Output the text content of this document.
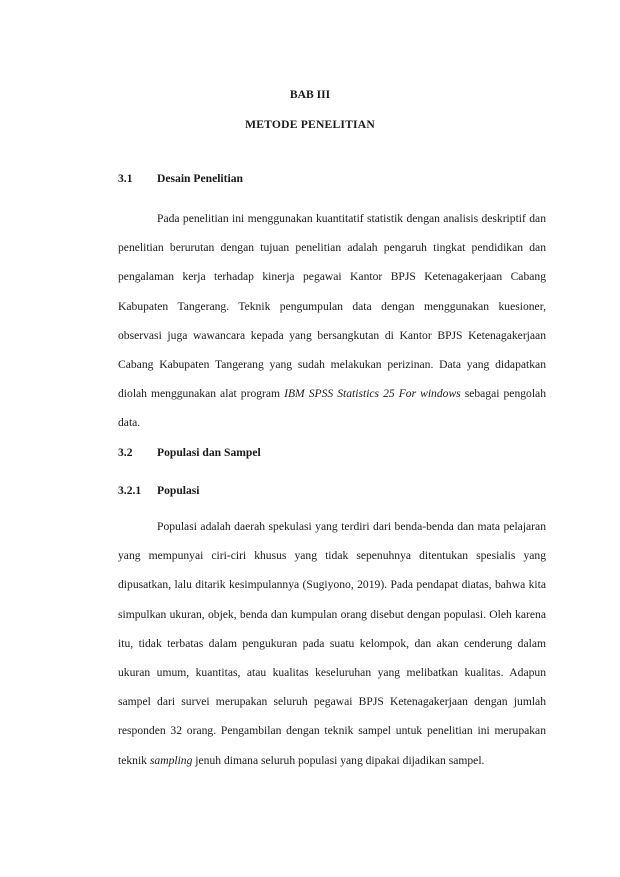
BAB III

METODE PENELITIAN

3.1 Desain Penelitian

Pada penelitian ini menggunakan kuantitatif statistik dengan analisis deskriptif dan penelitian berurutan dengan tujuan penelitian adalah pengaruh tingkat pendidikan dan pengalaman kerja terhadap kinerja pegawai Kantor BPJS Ketenagakerjaan Cabang Kabupaten Tangerang. Teknik pengumpulan data dengan menggunakan kuesioner, observasi juga wawancara kepada yang bersangkutan di Kantor BPJS Ketenagakerjaan Cabang Kabupaten Tangerang yang sudah melakukan perizinan. Data yang didapatkan diolah menggunakan alat program IBM SPSS Statistics 25 For windows sebagai pengolah data.

3.2 Populasi dan Sampel

3.2.1 Populasi

Populasi adalah daerah spekulasi yang terdiri dari benda-benda dan mata pelajaran yang mempunyai ciri-ciri khusus yang tidak sepenuhnya ditentukan spesialis yang dipusatkan, lalu ditarik kesimpulannya (Sugiyono, 2019). Pada pendapat diatas, bahwa kita simpulkan ukuran, objek, benda dan kumpulan orang disebut dengan populasi. Oleh karena itu, tidak terbatas dalam pengukuran pada suatu kelompok, dan akan cenderung dalam ukuran umum, kuantitas, atau kualitas keseluruhan yang melibatkan kualitas. Adapun sampel dari survei merupakan seluruh pegawai BPJS Ketenagakerjaan dengan jumlah responden 32 orang. Pengambilan dengan teknik sampel untuk penelitian ini merupakan teknik sampling jenuh dimana seluruh populasi yang dipakai dijadikan sampel.
